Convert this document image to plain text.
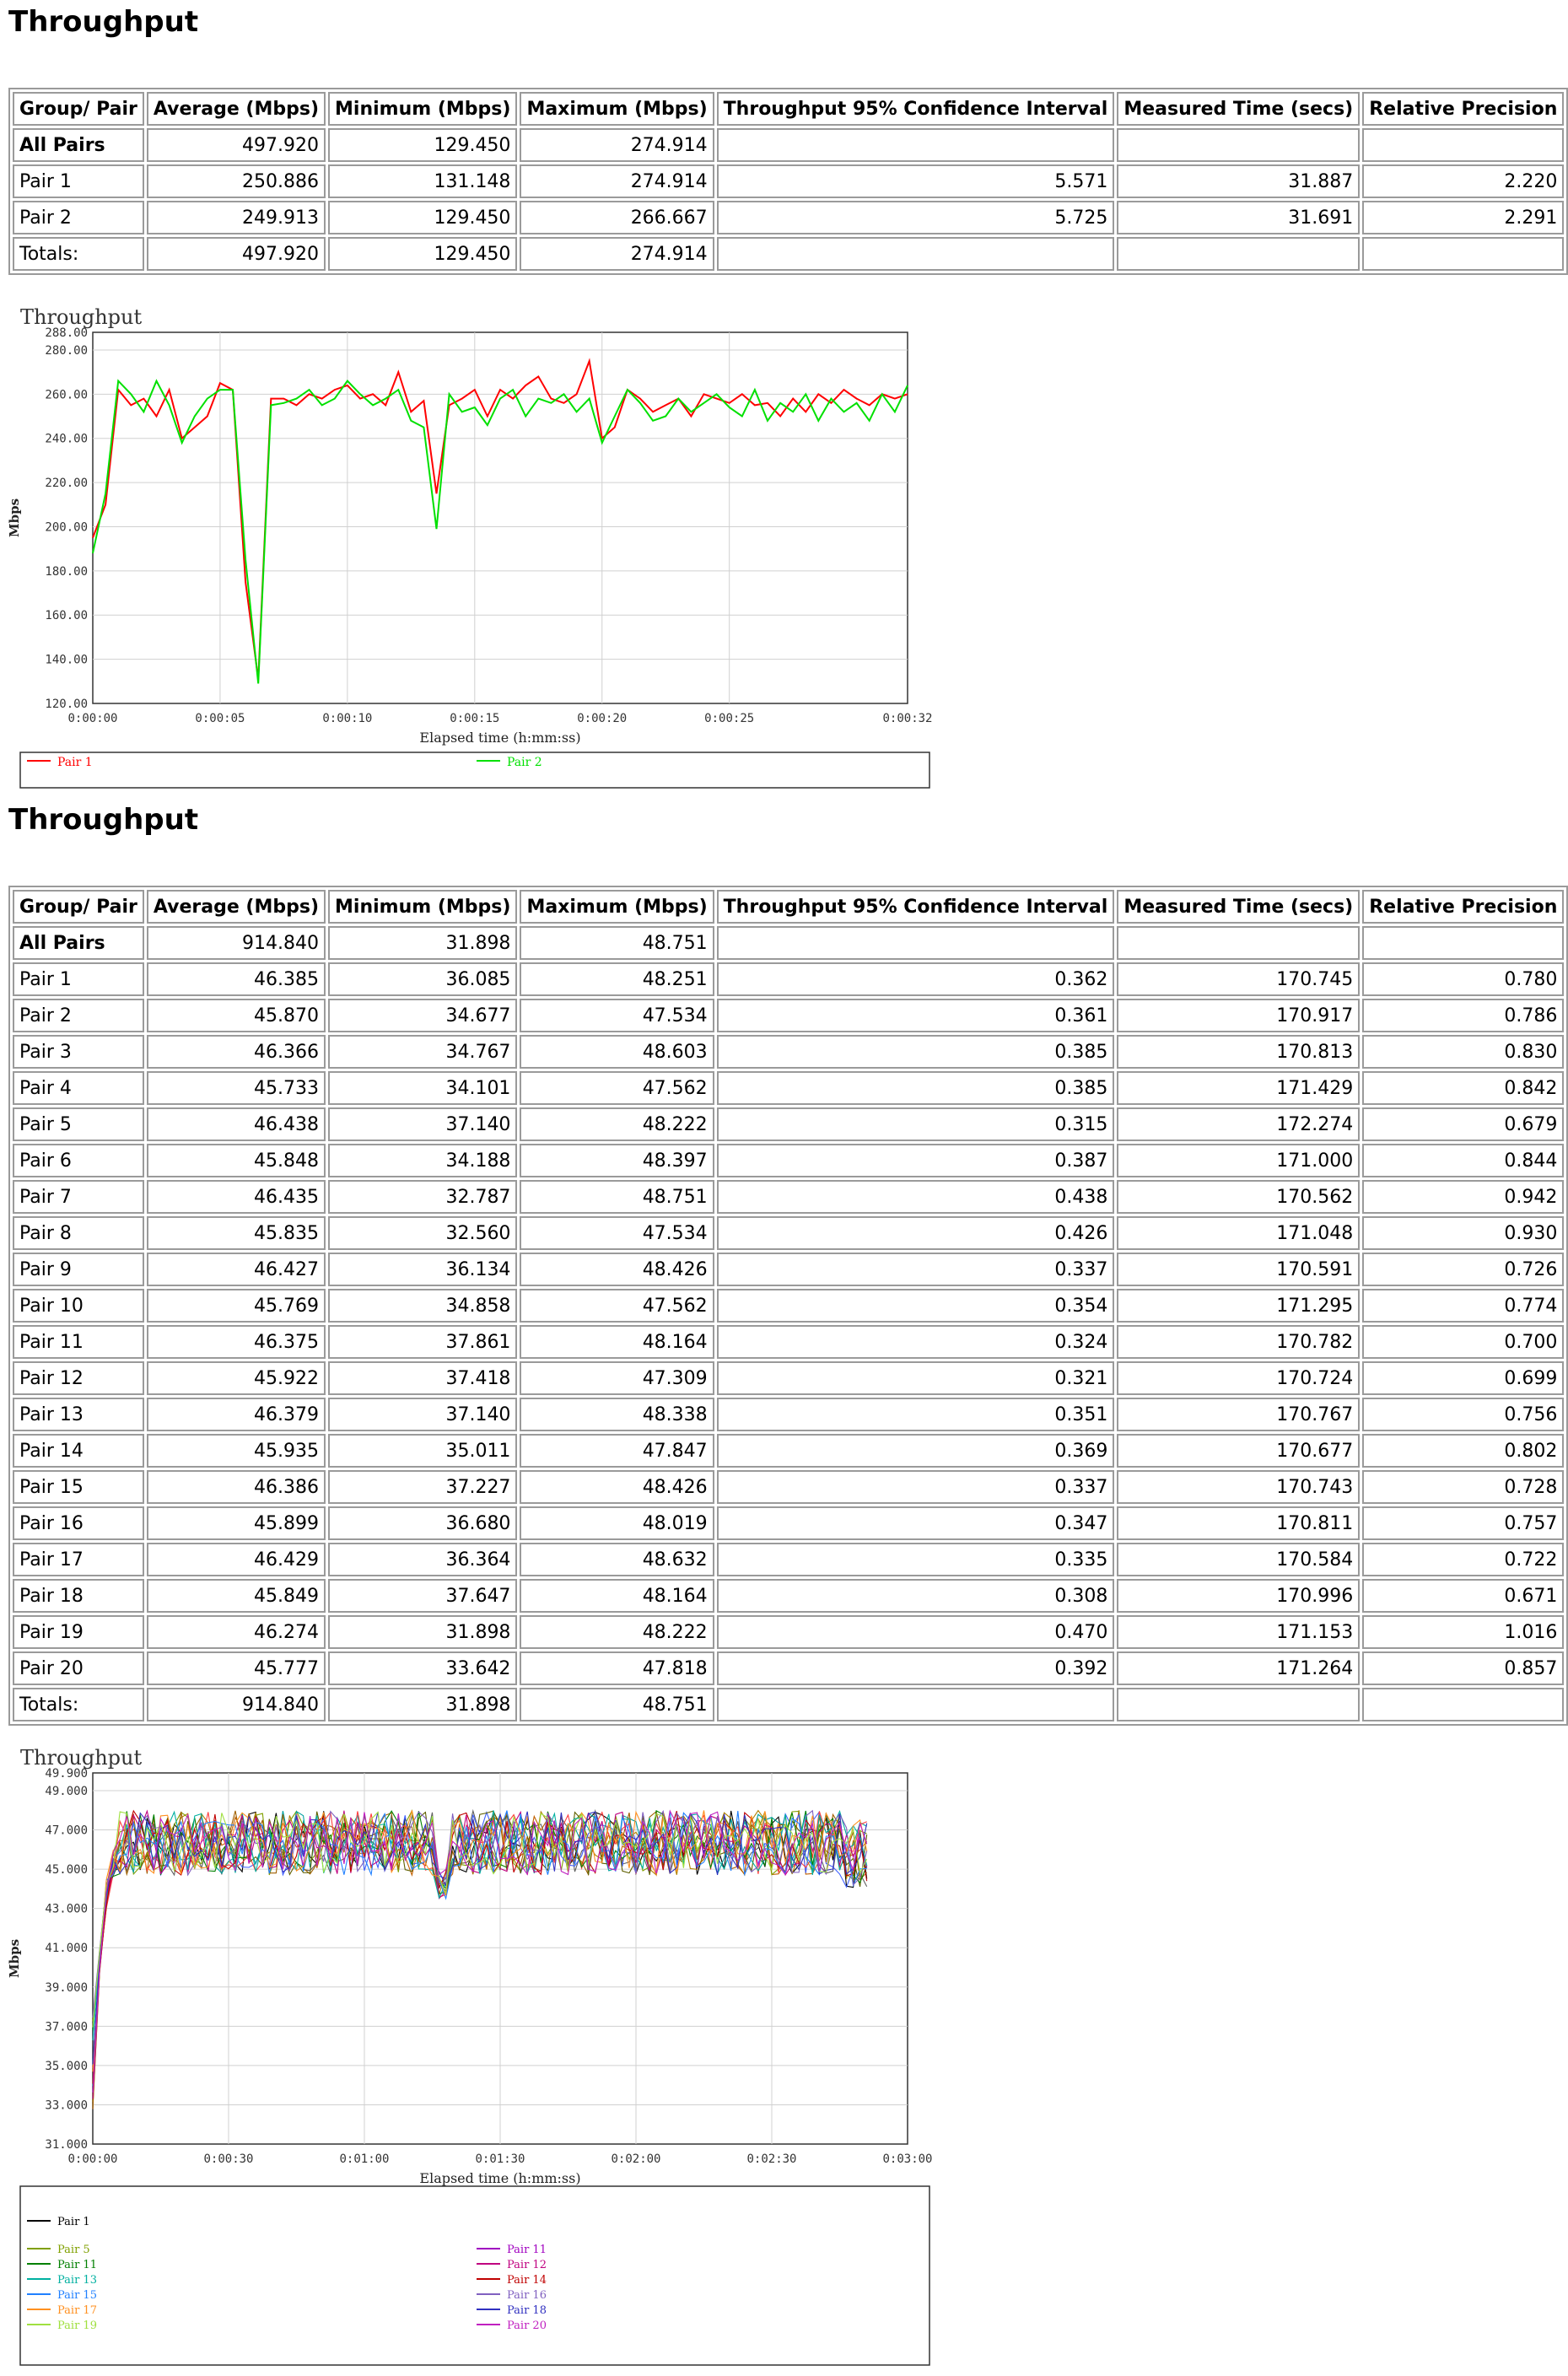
Throughput
Group/ Pair	Average (Mbps)	Minimum (Mbps)	Maximum (Mbps)	Throughput 95% Confidence Interval	Measured Time (secs)	Relative Precision
All Pairs	497.920	129.450	274.914			
Pair 1	250.886	131.148	274.914	5.571	31.887	2.220
Pair 2	249.913	129.450	266.667	5.725	31.691	2.291
Totals:	497.920	129.450	274.914			
Throughput
0:00:00	0:00:05	0:00:10	0:00:15	0:00:20	0:00:25	0:00:32
288.00
280.00
260.00
240.00
220.00
200.00
180.00
160.00
140.00
120.00
Elapsed time (h:mm:ss)
Mbps
Pair 1	Pair 2
Throughput
Group/ Pair	Average (Mbps)	Minimum (Mbps)	Maximum (Mbps)	Throughput 95% Confidence Interval	Measured Time (secs)	Relative Precision
All Pairs	914.840	31.898	48.751			
Pair 1	46.385	36.085	48.251	0.362	170.745	0.780
Pair 2	45.870	34.677	47.534	0.361	170.917	0.786
Pair 3	46.366	34.767	48.603	0.385	170.813	0.830
Pair 4	45.733	34.101	47.562	0.385	171.429	0.842
Pair 5	46.438	37.140	48.222	0.315	172.274	0.679
Pair 6	45.848	34.188	48.397	0.387	171.000	0.844
Pair 7	46.435	32.787	48.751	0.438	170.562	0.942
Pair 8	45.835	32.560	47.534	0.426	171.048	0.930
Pair 9	46.427	36.134	48.426	0.337	170.591	0.726
Pair 10	45.769	34.858	47.562	0.354	171.295	0.774
Pair 11	46.375	37.861	48.164	0.324	170.782	0.700
Pair 12	45.922	37.418	47.309	0.321	170.724	0.699
Pair 13	46.379	37.140	48.338	0.351	170.767	0.756
Pair 14	45.935	35.011	47.847	0.369	170.677	0.802
Pair 15	46.386	37.227	48.426	0.337	170.743	0.728
Pair 16	45.899	36.680	48.019	0.347	170.811	0.757
Pair 17	46.429	36.364	48.632	0.335	170.584	0.722
Pair 18	45.849	37.647	48.164	0.308	170.996	0.671
Pair 19	46.274	31.898	48.222	0.470	171.153	1.016
Pair 20	45.777	33.642	47.818	0.392	171.264	0.857
Totals:	914.840	31.898	48.751			
Throughput
0:00:00	0:00:30	0:01:00	0:01:30	0:02:00	0:02:30	0:03:00
49.900
49.000
47.000
45.000
43.000
41.000
39.000
37.000
35.000
33.000
31.000
Elapsed time (h:mm:ss)
Mbps
Pair 1
Pair 5	Pair 11
Pair 11	Pair 12
Pair 13	Pair 14
Pair 15	Pair 16
Pair 17	Pair 18
Pair 19	Pair 20
